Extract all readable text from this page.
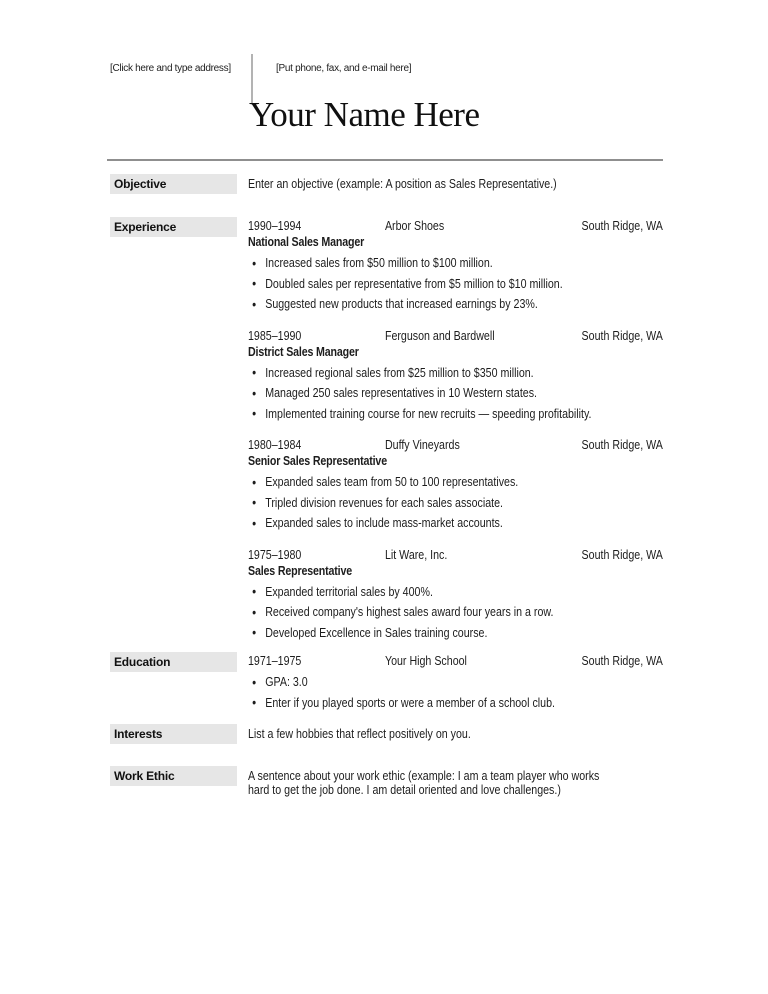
[Click here and type address]	[Put phone, fax, and e-mail here]
Your Name Here
Objective	Enter an objective (example: A position as Sales Representative.)
Experience	1990–1994	Arbor Shoes	South Ridge, WA
National Sales Manager
• Increased sales from $50 million to $100 million.
• Doubled sales per representative from $5 million to $10 million.
• Suggested new products that increased earnings by 23%.
1985–1990	Ferguson and Bardwell	South Ridge, WA
District Sales Manager
• Increased regional sales from $25 million to $350 million.
• Managed 250 sales representatives in 10 Western states.
• Implemented training course for new recruits — speeding profitability.
1980–1984	Duffy Vineyards	South Ridge, WA
Senior Sales Representative
• Expanded sales team from 50 to 100 representatives.
• Tripled division revenues for each sales associate.
• Expanded sales to include mass-market accounts.
1975–1980	Lit Ware, Inc.	South Ridge, WA
Sales Representative
• Expanded territorial sales by 400%.
• Received company's highest sales award four years in a row.
• Developed Excellence in Sales training course.
Education	1971–1975	Your High School	South Ridge, WA
• GPA: 3.0
• Enter if you played sports or were a member of a school club.
Interests	List a few hobbies that reflect positively on you.
Work Ethic	A sentence about your work ethic (example: I am a team player who works hard to get the job done. I am detail oriented and love challenges.)
